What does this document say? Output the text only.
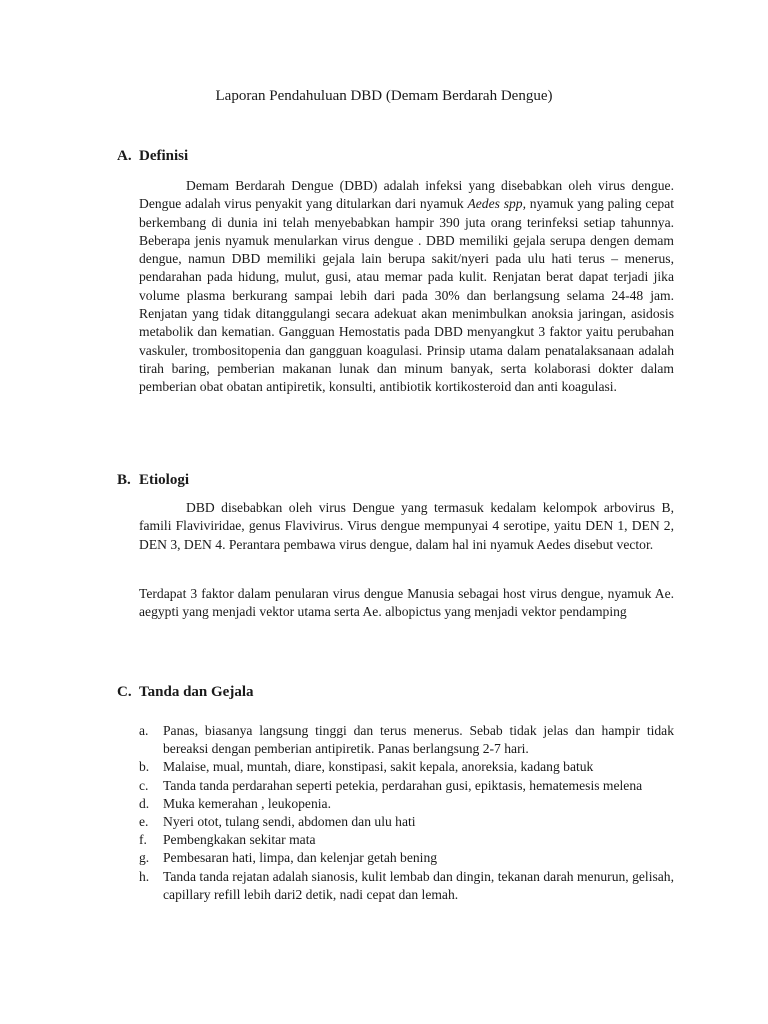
Laporan Pendahuluan DBD (Demam Berdarah Dengue)
A. Definisi

Demam Berdarah Dengue (DBD) adalah infeksi yang disebabkan oleh virus dengue. Dengue adalah virus penyakit yang ditularkan dari nyamuk Aedes spp, nyamuk yang paling cepat berkembang di dunia ini telah menyebabkan hampir 390 juta orang terinfeksi setiap tahunnya. Beberapa jenis nyamuk menularkan virus dengue . DBD memiliki gejala serupa dengen demam dengue, namun DBD memiliki gejala lain berupa sakit/nyeri pada ulu hati terus – menerus, pendarahan pada hidung, mulut, gusi, atau memar pada kulit. Renjatan berat dapat terjadi jika volume plasma berkurang sampai lebih dari pada 30% dan berlangsung selama 24-48 jam. Renjatan yang tidak ditanggulangi secara adekuat akan menimbulkan anoksia jaringan, asidosis metabolik dan kematian. Gangguan Hemostatis pada DBD menyangkut 3 faktor yaitu perubahan vaskuler, trombositopenia dan gangguan koagulasi. Prinsip utama dalam penatalaksanaan adalah tirah baring, pemberian makanan lunak dan minum banyak, serta kolaborasi dokter dalam pemberian obat obatan antipiretik, konsulti, antibiotik kortikosteroid dan anti koagulasi.

B. Etiologi

DBD disebabkan oleh virus Dengue yang termasuk kedalam kelompok arbovirus B, famili Flaviviridae, genus Flavivirus. Virus dengue mempunyai 4 serotipe, yaitu DEN 1, DEN 2, DEN 3, DEN 4. Perantara pembawa virus dengue, dalam hal ini nyamuk Aedes disebut vector.

Terdapat 3 faktor dalam penularan virus dengue Manusia sebagai host virus dengue, nyamuk Ae. aegypti yang menjadi vektor utama serta Ae. albopictus yang menjadi vektor pendamping

C. Tanda dan Gejala
a. Panas, biasanya langsung tinggi dan terus menerus. Sebab tidak jelas dan hampir tidak bereaksi dengan pemberian antipiretik. Panas berlangsung 2-7 hari.
b. Malaise, mual, muntah, diare, konstipasi, sakit kepala, anoreksia, kadang batuk
c. Tanda tanda perdarahan seperti petekia, perdarahan gusi, epiktasis, hematemesis melena
d. Muka kemerahan , leukopenia.
e. Nyeri otot, tulang sendi, abdomen dan ulu hati
f. Pembengkakan sekitar mata
g. Pembesaran hati, limpa, dan kelenjar getah bening
h. Tanda tanda rejatan adalah sianosis, kulit lembab dan dingin, tekanan darah menurun, gelisah, capillary refill lebih dari2 detik, nadi cepat dan lemah.
